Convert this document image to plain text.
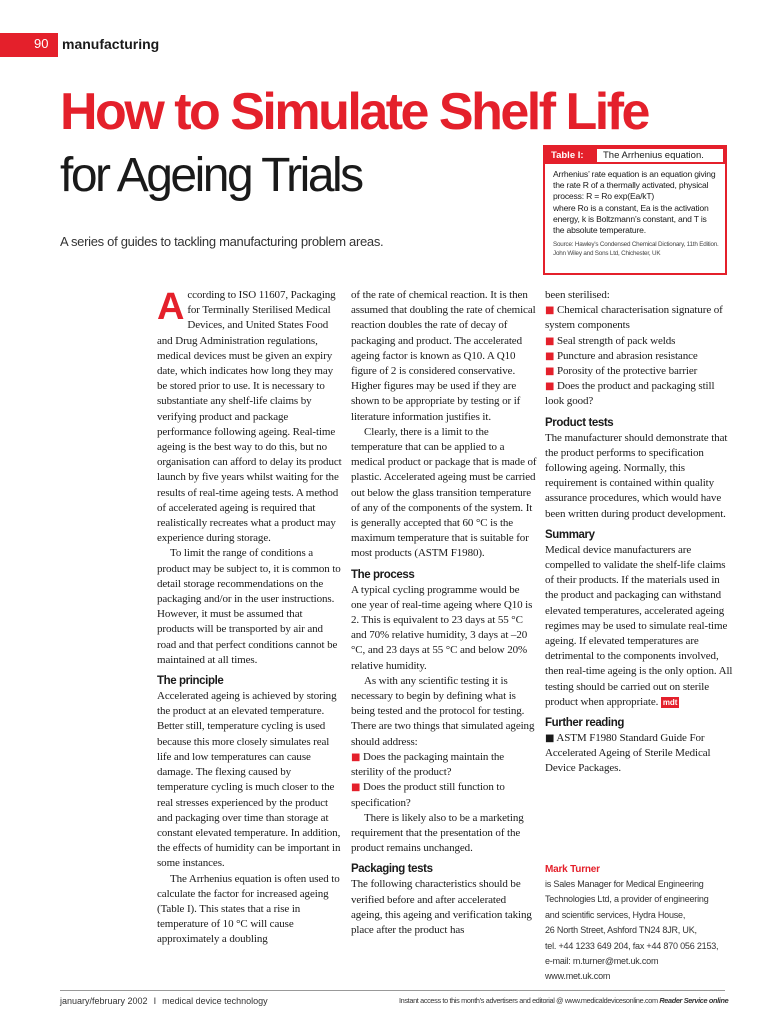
90 manufacturing
How to Simulate Shelf Life
for Ageing Trials
A series of guides to tackling manufacturing problem areas.
Table I:	The Arrhenius equation.
Arrhenius’ rate equation is an equation giving the rate R of a thermally activated, physical process: R = Ro exp(Ea/kT)
where Ro is a constant, Ea is the activation energy, k is Boltzmann’s constant, and T is the absolute temperature.
Source: Hawley’s Condensed Chemical Dictionary, 11th Edition. John Wiley and Sons Ltd, Chichester, UK

According to ISO 11607, Packaging for Terminally Sterilised Medical Devices, and United States Food and Drug Administration regulations, medical devices must be given an expiry date, which indicates how long they may be stored prior to use. It is necessary to substantiate any shelf-life claims by verifying product and package performance following ageing. Real-time ageing is the best way to do this, but no organisation can afford to delay its product launch by five years whilst waiting for the results of real-time ageing tests. A method of accelerated ageing is required that realistically recreates what a product may experience during storage.

To limit the range of conditions a product may be subject to, it is common to detail storage recommendations on the packaging and/or in the user instructions. However, it must be assumed that products will be transported by air and road and that perfect conditions cannot be maintained at all times.

The principle

Accelerated ageing is achieved by storing the product at an elevated temperature. Better still, temperature cycling is used because this more closely simulates real life and low temperatures can cause damage. The flexing caused by temperature cycling is much closer to the real stresses experienced by the product and packaging over time than storage at constant elevated temperature. In addition, the effects of humidity can be important in some instances.

The Arrhenius equation is often used to calculate the factor for increased ageing (Table I). This states that a rise in temperature of 10 °C will cause approximately a doubling

of the rate of chemical reaction. It is then assumed that doubling the rate of chemical reaction doubles the rate of decay of packaging and product. The accelerated ageing factor is known as Q10. A Q10 figure of 2 is considered conservative. Higher figures may be used if they are shown to be appropriate by testing or if literature information justifies it.

Clearly, there is a limit to the temperature that can be applied to a medical product or package that is made of plastic. Accelerated ageing must be carried out below the glass transition temperature of any of the components of the system. It is generally accepted that 60 °C is the maximum temperature that is suitable for most products (ASTM F1980).

The process

A typical cycling programme would be one year of real-time ageing where Q10 is 2. This is equivalent to 23 days at 55 °C and 70% relative humidity, 3 days at –20 °C, and 23 days at 55 °C and below 20% relative humidity.

As with any scientific testing it is necessary to begin by defining what is being tested and the protocol for testing. There are two things that simulated ageing should address:

■ Does the packaging maintain the sterility of the product?

■ Does the product still function to specification?

There is likely also to be a marketing requirement that the presentation of the product remains unchanged.

Packaging tests

The following characteristics should be verified before and after accelerated ageing, this ageing and verification taking place after the product has

been sterilised:

■ Chemical characterisation signature of system components

■ Seal strength of pack welds

■ Puncture and abrasion resistance

■ Porosity of the protective barrier

■ Does the product and packaging still look good?

Product tests

The manufacturer should demonstrate that the product performs to specification following ageing. Normally, this requirement is contained within quality assurance procedures, which would have been written during product development.

Summary

Medical device manufacturers are compelled to validate the shelf-life claims of their products. If the materials used in the product and packaging can withstand elevated temperatures, accelerated ageing regimes may be used to simulate real-time ageing. If elevated temperatures are detrimental to the components involved, then real-time ageing is the only option. All testing should be carried out on sterile product when appropriate. mdt

Further reading

■ ASTM F1980 Standard Guide For Accelerated Ageing of Sterile Medical Device Packages.

Mark Turner
is Sales Manager for Medical Engineering
Technologies Ltd, a provider of engineering
and scientific services, Hydra House,
26 North Street, Ashford TN24 8JR, UK,
tel. +44 1233 649 204, fax +44 870 056 2153,
e-mail: m.turner@met.uk.com
www.met.uk.com
january/february 2002 I medical device technology	Instant access to this month’s advertisers and editorial @ www.medicaldevicesonline.com Reader Service online
